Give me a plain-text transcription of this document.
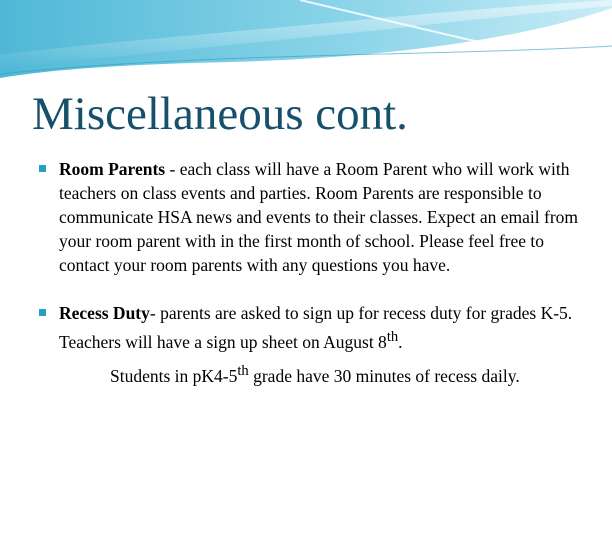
Miscellaneous cont.
Room Parents - each class will have a Room Parent who will work with teachers on class events and parties. Room Parents are responsible to communicate HSA news and events to their classes. Expect an email from your room parent with in the first month of school. Please feel free to contact your room parents with any questions you have.
Recess Duty- parents are asked to sign up for recess duty for grades K-5. Teachers will have a sign up sheet on August 8th.
Students in pK4-5th grade have 30 minutes of recess daily.
